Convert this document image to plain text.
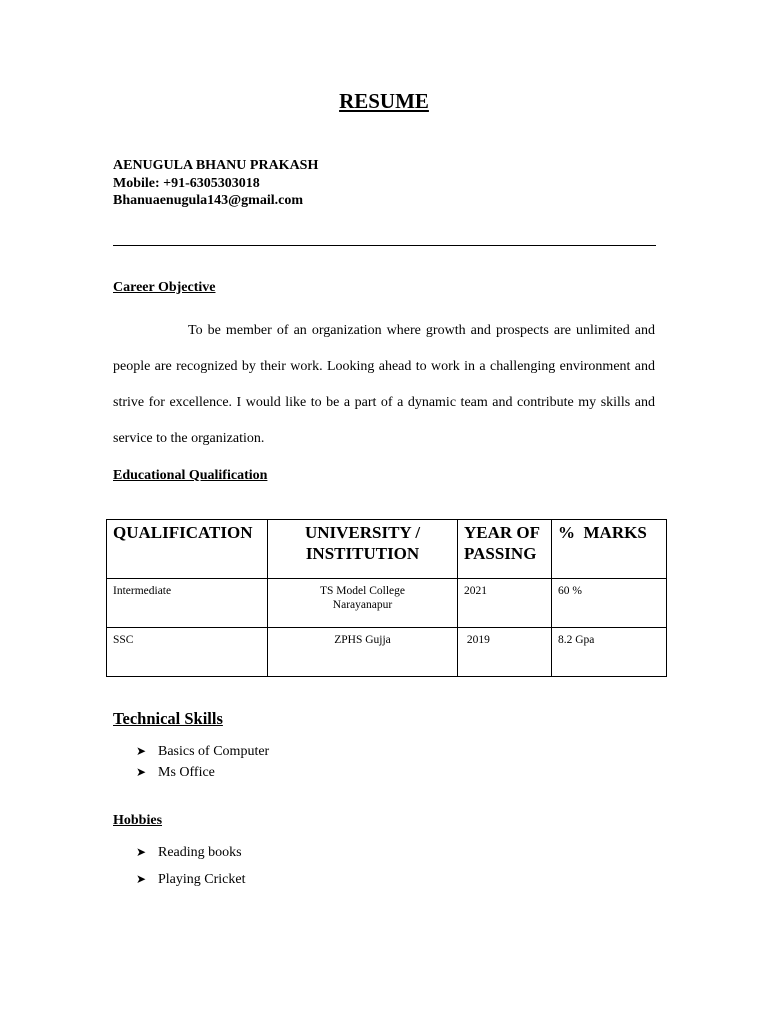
RESUME
AENUGULA BHANU PRAKASH
Mobile: +91-6305303018
Bhanuaenugula143@gmail.com
Career Objective

To be member of an organization where growth and prospects are unlimited and people are recognized by their work. Looking ahead to work in a challenging environment and strive for excellence. I would like to be a part of a dynamic team and contribute my skills and service to the organization.

Educational Qualification
QUALIFICATION	UNIVERSITY / INSTITUTION	YEAR OF PASSING	%  MARKS
Intermediate	TS Model College Narayanapur	2021	60 %
SSC	ZPHS Gujja	2019	8.2 Gpa
Technical Skills
➤ Basics of Computer
➤ Ms Office
Hobbies
➤ Reading books
➤ Playing Cricket
